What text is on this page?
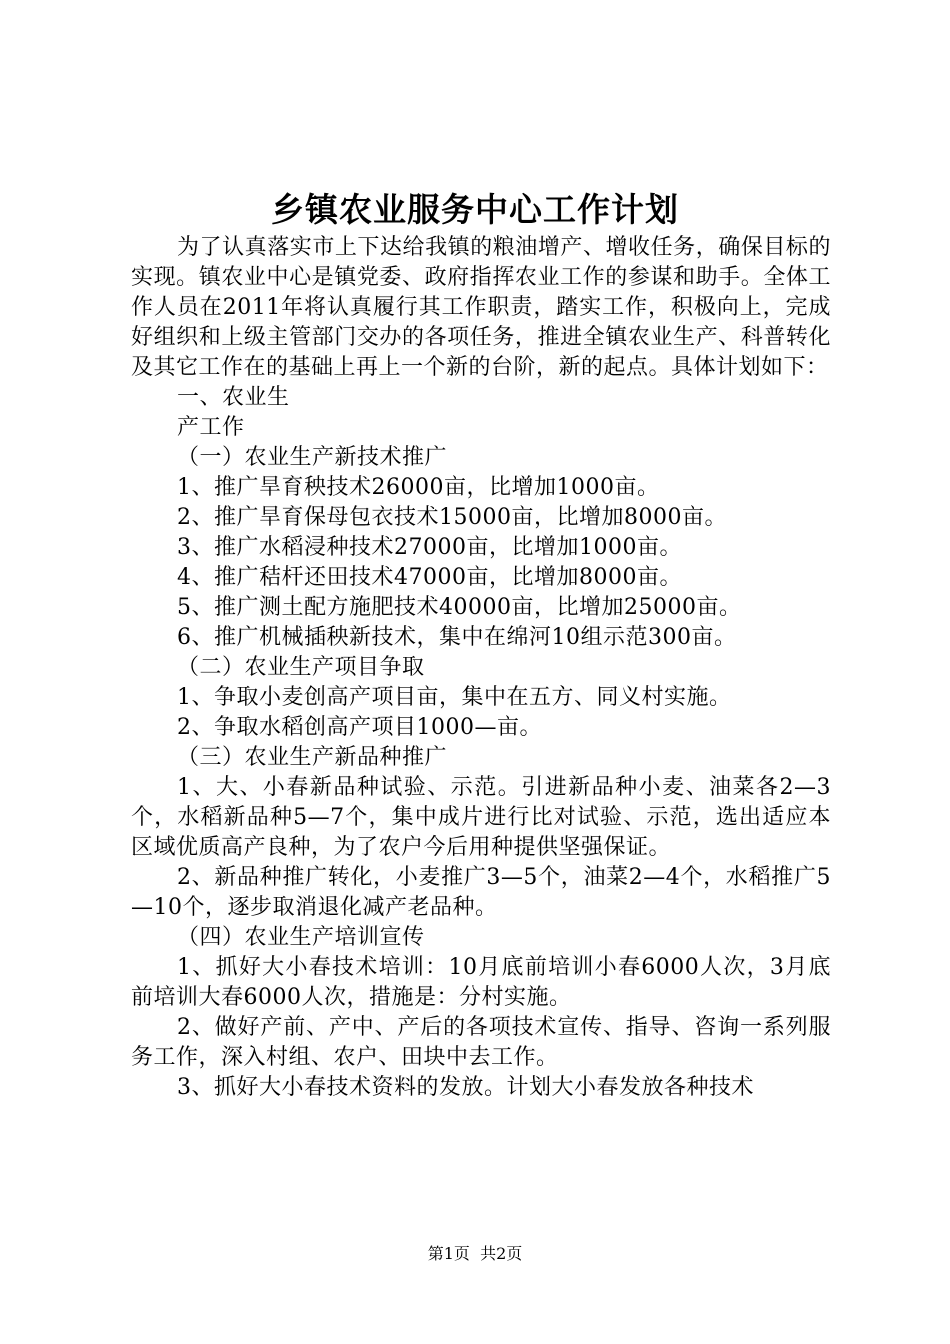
乡镇农业服务中心工作计划

为了认真落实市上下达给我镇的粮油增产、增收任务，确保目标的实现。镇农业中心是镇党委、政府指挥农业工作的参谋和助手。全体工作人员在2011年将认真履行其工作职责，踏实工作，积极向上，完成好组织和上级主管部门交办的各项任务，推进全镇农业生产、科普转化及其它工作在的基础上再上一个新的台阶，新的起点。具体计划如下：

一、农业生

产工作

（一）农业生产新技术推广

1、推广旱育秧技术26000亩，比增加1000亩。

2、推广旱育保母包衣技术15000亩，比增加8000亩。

3、推广水稻浸种技术27000亩，比增加1000亩。

4、推广秸杆还田技术47000亩，比增加8000亩。

5、推广测土配方施肥技术40000亩，比增加25000亩。

6、推广机械插秧新技术，集中在绵河10组示范300亩。

（二）农业生产项目争取

1、争取小麦创高产项目亩，集中在五方、同义村实施。

2、争取水稻创高产项目1000—亩。

（三）农业生产新品种推广

1、大、小春新品种试验、示范。引进新品种小麦、油菜各2—3个，水稻新品种5—7个，集中成片进行比对试验、示范，选出适应本区域优质高产良种，为了农户今后用种提供坚强保证。

2、新品种推广转化，小麦推广3—5个，油菜2—4个，水稻推广5—10个，逐步取消退化减产老品种。

（四）农业生产培训宣传

1、抓好大小春技术培训：10月底前培训小春6000人次，3月底前培训大春6000人次，措施是：分村实施。

2、做好产前、产中、产后的各项技术宣传、指导、咨询一系列服务工作，深入村组、农户、田块中去工作。

3、抓好大小春技术资料的发放。计划大小春发放各种技术

第1页  共2页
